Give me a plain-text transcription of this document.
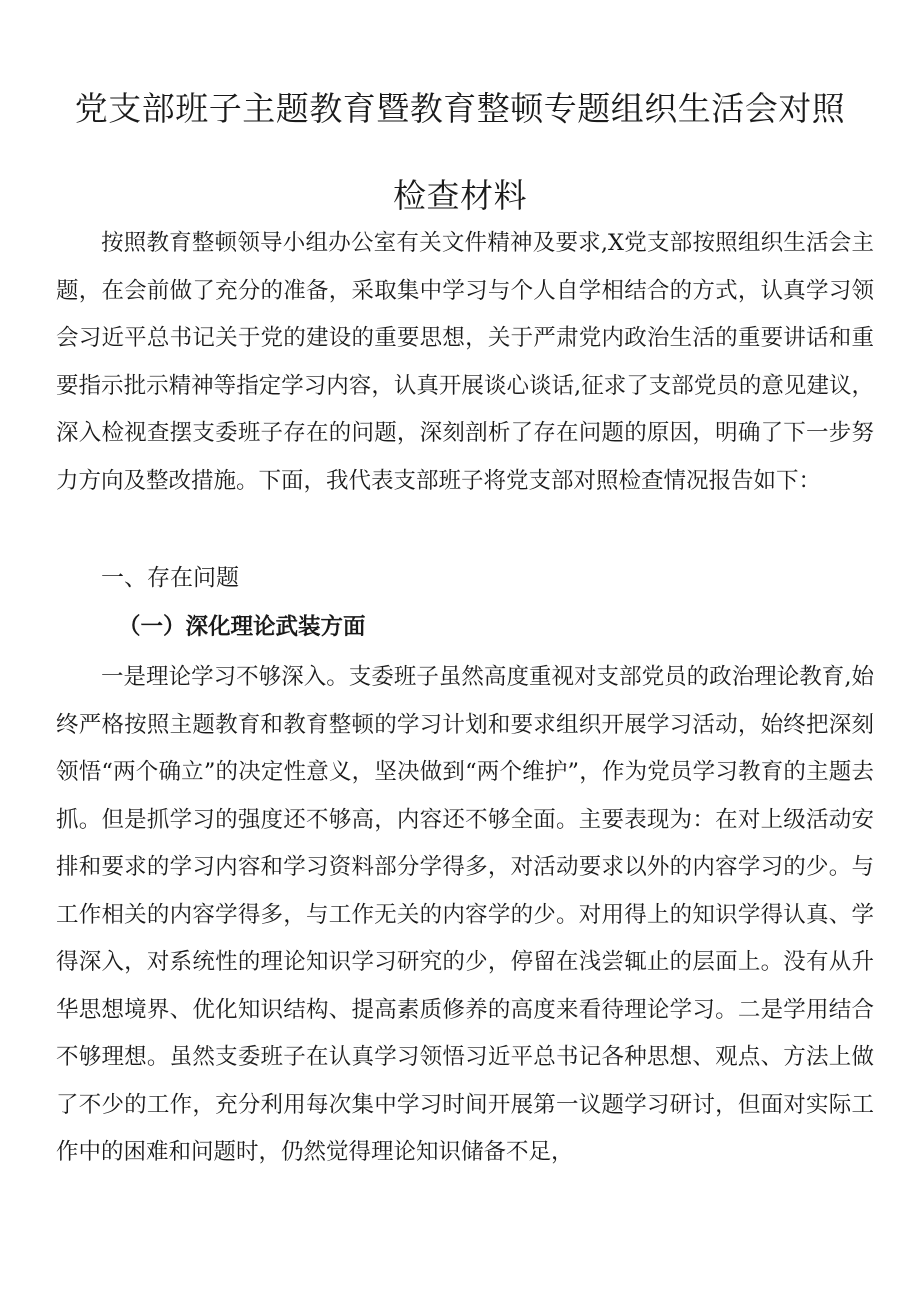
党支部班子主题教育暨教育整顿专题组织生活会对照
检查材料
按照教育整顿领导小组办公室有关文件精神及要求,X党支部按照组织生活会主题，在会前做了充分的准备，采取集中学习与个人自学相结合的方式，认真学习领会习近平总书记关于党的建设的重要思想，关于严肃党内政治生活的重要讲话和重要指示批示精神等指定学习内容，认真开展谈心谈话,征求了支部党员的意见建议，深入检视查摆支委班子存在的问题，深刻剖析了存在问题的原因，明确了下一步努力方向及整改措施。下面，我代表支部班子将党支部对照检查情况报告如下：
一、存在问题
（一）深化理论武装方面
一是理论学习不够深入。支委班子虽然高度重视对支部党员的政治理论教育,始终严格按照主题教育和教育整顿的学习计划和要求组织开展学习活动，始终把深刻领悟“两个确立”的决定性意义，坚决做到“两个维护”，作为党员学习教育的主题去抓。但是抓学习的强度还不够高，内容还不够全面。主要表现为：在对上级活动安排和要求的学习内容和学习资料部分学得多，对活动要求以外的内容学习的少。与工作相关的内容学得多，与工作无关的内容学的少。对用得上的知识学得认真、学得深入，对系统性的理论知识学习研究的少，停留在浅尝辄止的层面上。没有从升华思想境界、优化知识结构、提高素质修养的高度来看待理论学习。二是学用结合不够理想。虽然支委班子在认真学习领悟习近平总书记各种思想、观点、方法上做了不少的工作，充分利用每次集中学习时间开展第一议题学习研讨，但面对实际工作中的困难和问题时，仍然觉得理论知识储备不足，
